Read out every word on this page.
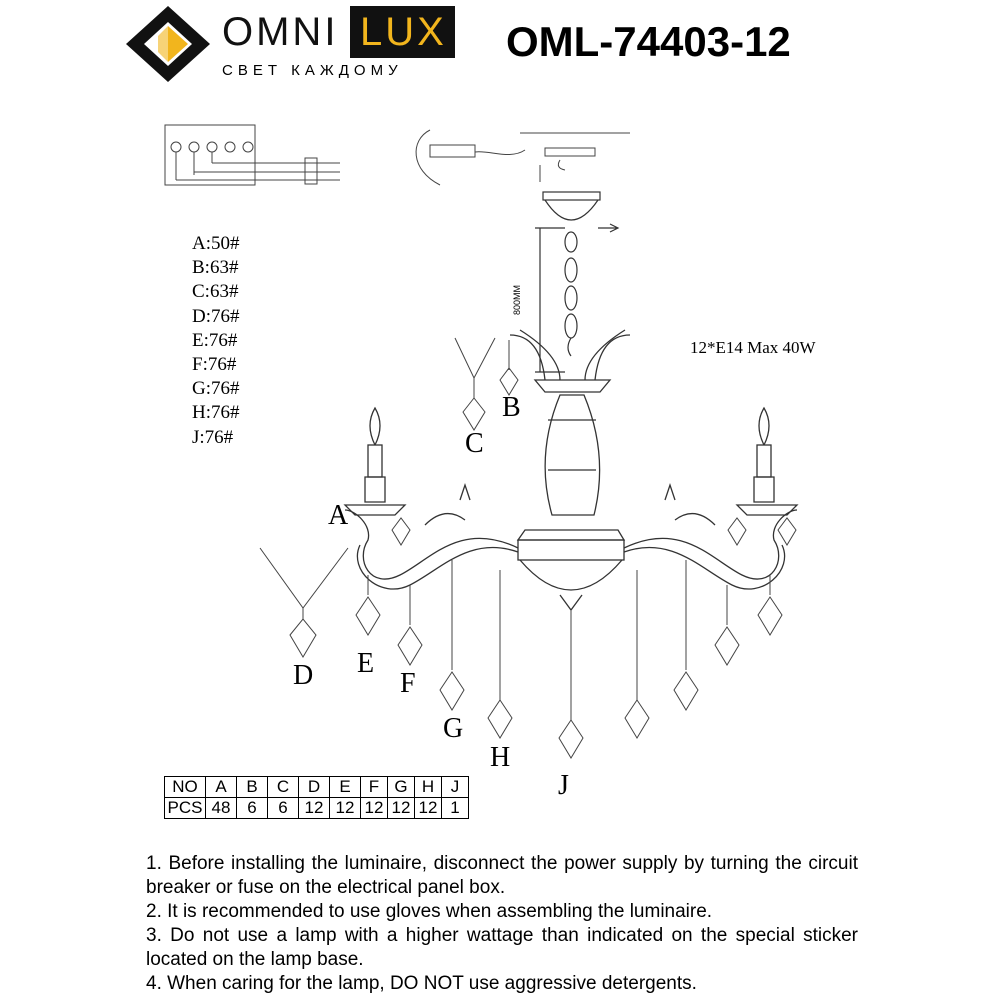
800MM
OMNI LUX
СВЕТ КАЖДОМУ
OML-74403-12
A:50#
B:63#
C:63#
D:76#
E:76#
F:76#
G:76#
H:76#
J:76#
12*E14 Max 40W
A
B
C
D E
F
G
H
J
NO	A	B	C	D	E	F	G	H	J
PCS	48	6	6	12	12	12	12	12	1

1. Before installing the luminaire, disconnect the power supply by turning the circuit breaker or fuse on the electrical panel box.

2. It is recommended to use gloves when assembling the luminaire.

3. Do not use a lamp with a higher wattage than indicated on the special sticker located on the lamp base.

4. When caring for the lamp, DO NOT use aggressive detergents.
